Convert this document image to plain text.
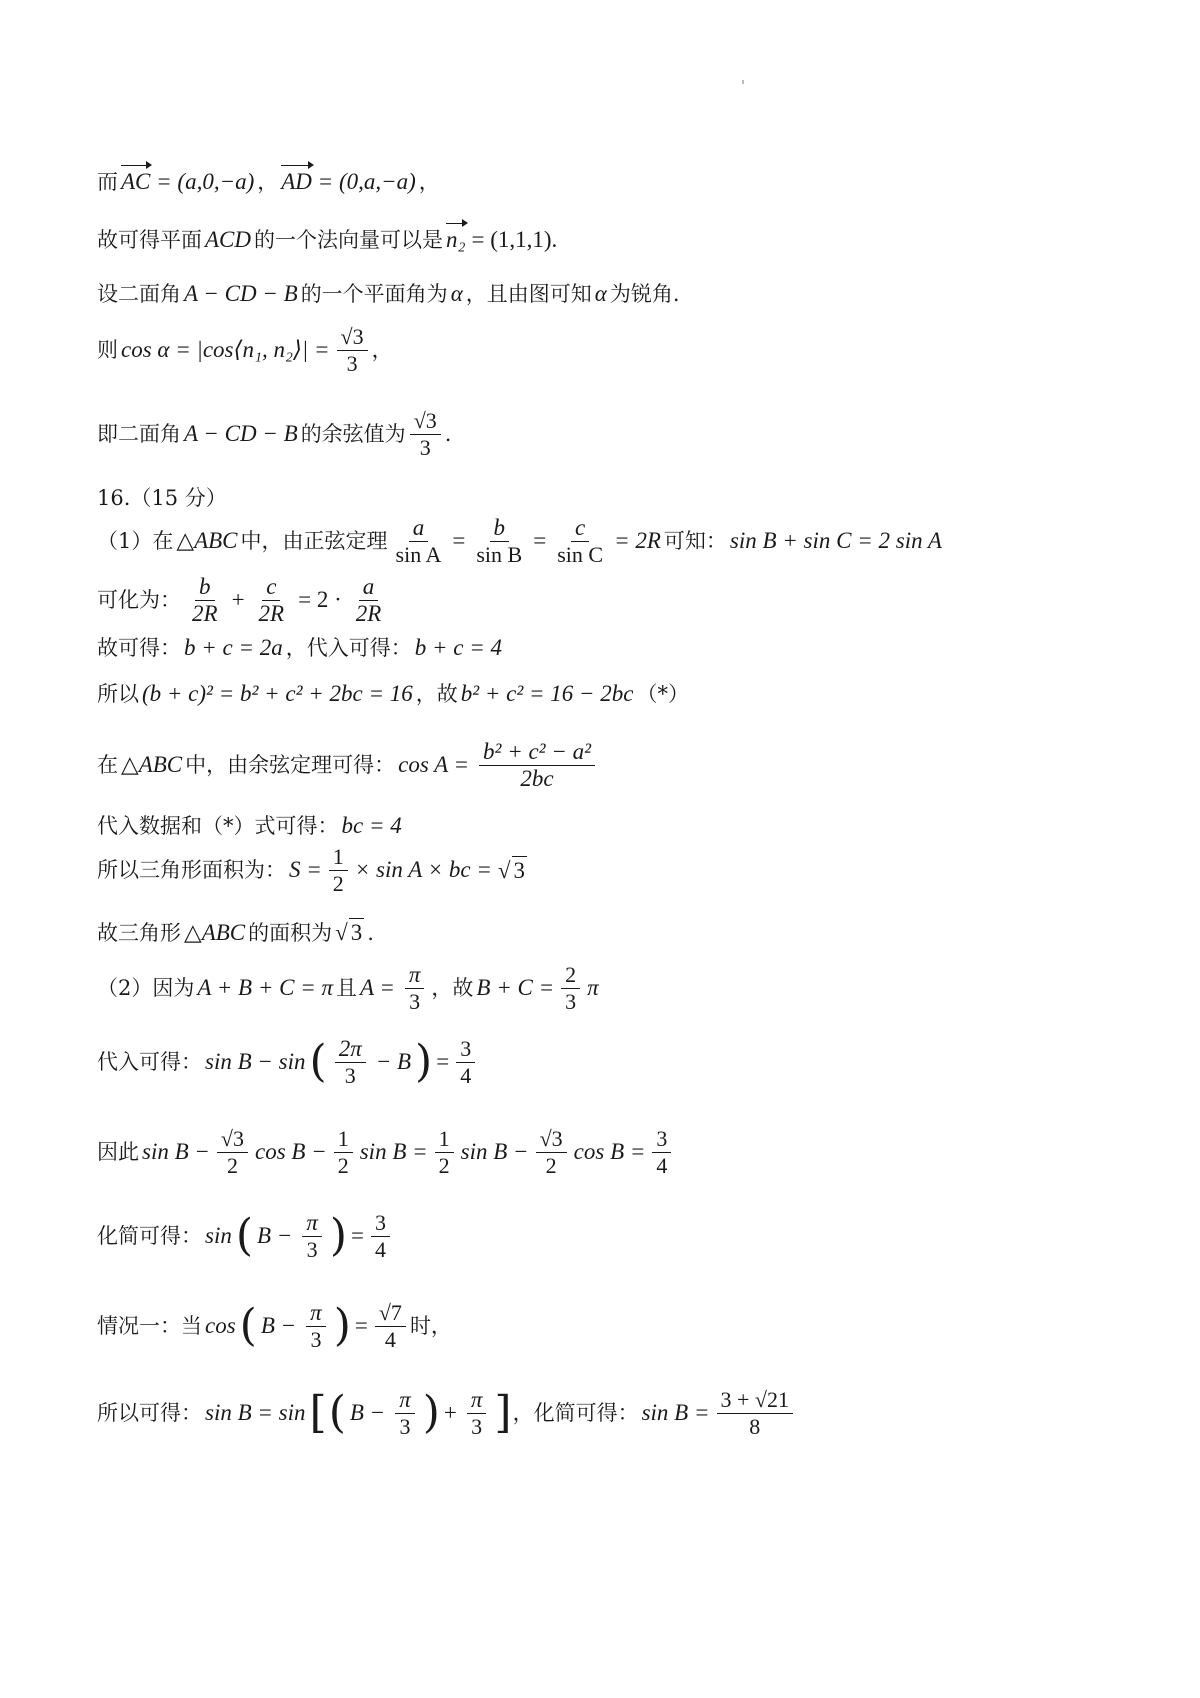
而 AC = (a,0,−a) ， AD = (0,a,−a) ，
故可得平面 ACD 的一个法向量可以是 n₂ = (1,1,1).
设二面角 A − CD − B 的一个平面角为 α ，且由图可知 α 为锐角.
则 cos α = |cos⟨n₁, n₂⟩| = $\frac{√3}{3}$ ，
即二面角 A − CD − B 的余弦值为 $\frac{√3}{3}$ .
16.（15 分）
（1）在 △ABC 中，由正弦定理 $\frac{a}{\text{sin A}} = \frac{b}{\text{sin B}} = \frac{c}{\text{sin C}} = 2R$ 可知： sin B + sin C = 2 sin A
可化为： $\frac{b}{2R} + \frac{c}{2R} = 2 \cdot \frac{a}{2R}$
故可得： b + c = 2a ，代入可得： b + c = 4
所以 (b + c)² = b² + c² + 2bc = 16 ，故 b² + c² = 16 − 2bc （*）
在 △ABC 中，由余弦定理可得： $\cos A = \frac{\text{b² + c² − a²}}{2bc}$
代入数据和（*）式可得： bc = 4
所以三角形面积为： $S = \frac{1}{2} \times \sin A$ × bc = √ 3
故三角形 △ABC 的面积为 √ 3 .
（2）因为 A + B + C = π 且 $A = \frac{\pi}{3}$ ，故 $B + C = \frac{2}{3}$ π
代入可得： sin B − sin ( $\frac{2\pi}{3} - B$ ) = $\frac{3}{4}$
因此 $\sin B - \frac{√3}{2}$ $\cos B - \frac{1}{2}$ $\sin B = \frac{1}{2}$ $\sin B - \frac{√3}{2}$ $\cos B = \frac{3}{4}$
化简可得： sin ( $B - \frac{\pi}{3}$ ) = $\frac{3}{4}$
情况一：当 cos ( $B - \frac{\pi}{3}$ ) = $\frac{√7}{4}$ 时，
所以可得： sin B = sin [ ( $B - \frac{\pi}{3}$ ) + $\frac{\pi}{3}$ ] ，化简可得： $\sin B = \frac{3 + √21}{8}$
